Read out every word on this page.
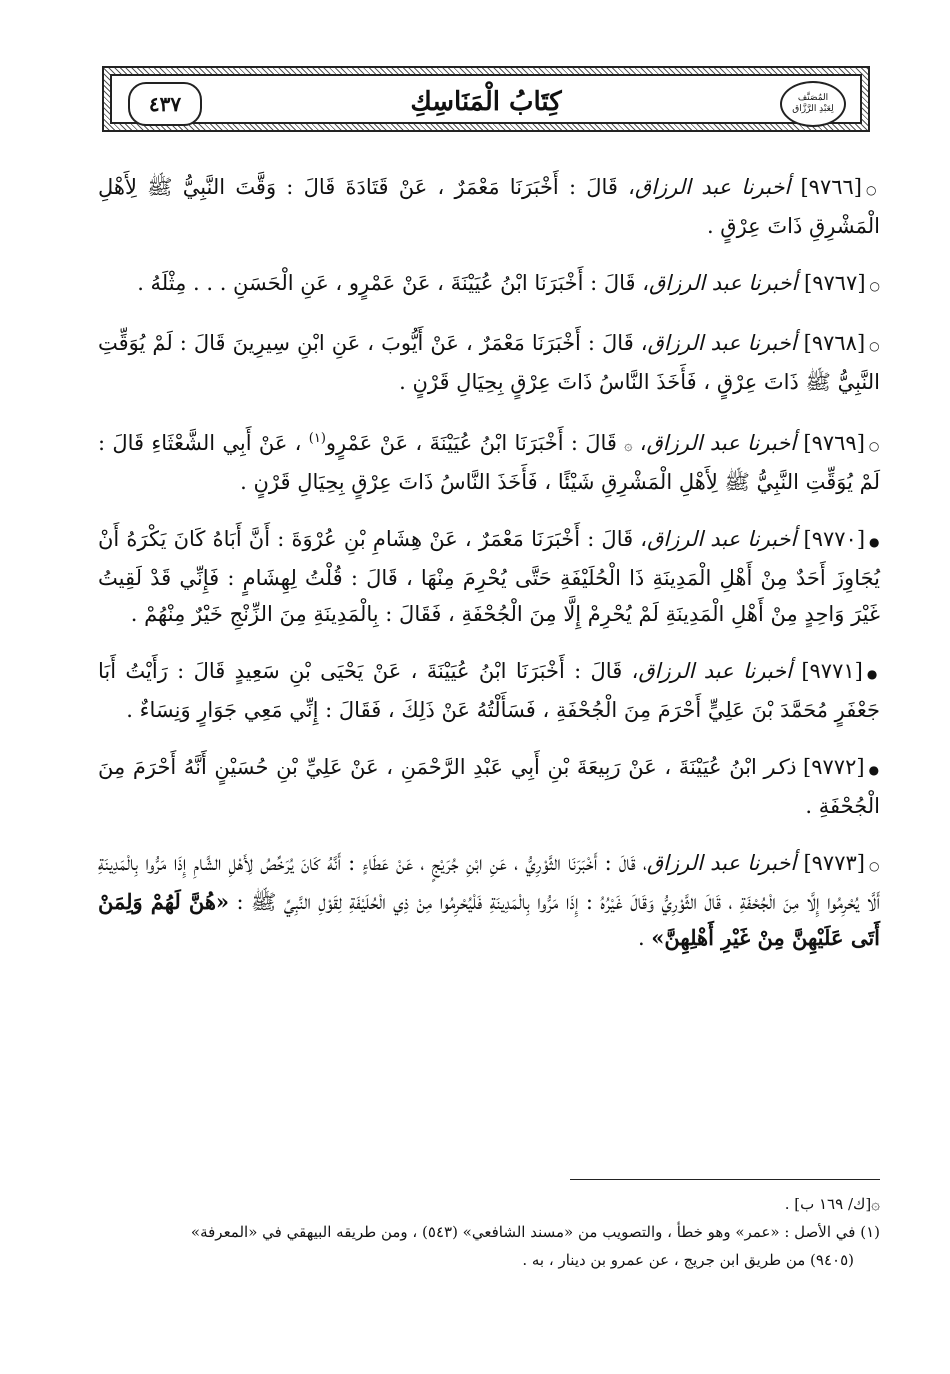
٤٣٧	كِتَابُ الْمَنَاسِكِ	المُصَنَّف
لِعَبْدِ الرَّزَّاق

○[٩٧٦٦] أخبرنا عبد الرزاق، قَالَ : أَخْبَرَنَا مَعْمَرٌ ، عَنْ قَتَادَةَ قَالَ : وَقَّتَ النَّبِيُّ ﷺ لِأَهْلِ الْمَشْرِقِ ذَاتَ عِرْقٍ .

○[٩٧٦٧] أخبرنا عبد الرزاق، قَالَ : أَخْبَرَنَا ابْنُ عُيَيْنَةَ ، عَنْ عَمْرٍو ، عَنِ الْحَسَنِ . . . مِثْلَهُ .

○[٩٧٦٨] أخبرنا عبد الرزاق، قَالَ : أَخْبَرَنَا مَعْمَرٌ ، عَنْ أَيُّوبَ ، عَنِ ابْنِ سِيرِينَ قَالَ : لَمْ يُوَقِّتِ النَّبِيُّ ﷺ ذَاتَ عِرْقٍ ، فَأَخَذَ النَّاسُ ذَاتَ عِرْقٍ بِحِيَالِ قَرْنٍ .

○[٩٧٦٩] أخبرنا عبد الرزاق، ۞ قَالَ : أَخْبَرَنَا ابْنُ عُيَيْنَةَ ، عَنْ عَمْرٍو$^{(١)}$ ، عَنْ أَبِي الشَّعْثَاءِ قَالَ : لَمْ يُوَقِّتِ النَّبِيُّ ﷺ لِأَهْلِ الْمَشْرِقِ شَيْئًا ، فَأَخَذَ النَّاسُ ذَاتَ عِرْقٍ بِحِيَالِ قَرْنٍ .

●[٩٧٧٠] أخبرنا عبد الرزاق، قَالَ : أَخْبَرَنَا مَعْمَرٌ ، عَنْ هِشَامِ بْنِ عُرْوَةَ : أَنَّ أَبَاهُ كَانَ يَكْرَهُ أَنْ يُجَاوِزَ أَحَدٌ مِنْ أَهْلِ الْمَدِينَةِ ذَا الْحُلَيْفَةِ حَتَّى يُحْرِمَ مِنْهَا ، قَالَ : قُلْتُ لِهِشَامٍ : فَإِنِّي قَدْ لَقِيتُ غَيْرَ وَاحِدٍ مِنْ أَهْلِ الْمَدِينَةِ لَمْ يُحْرِمْ إِلَّا مِنَ الْجُحْفَةِ ، فَقَالَ : بِالْمَدِينَةِ مِنَ الزِّنْجِ خَيْرٌ مِنْهُمْ .

●[٩٧٧١] أخبرنا عبد الرزاق، قَالَ : أَخْبَرَنَا ابْنُ عُيَيْنَةَ ، عَنْ يَحْيَى بْنِ سَعِيدٍ قَالَ : رَأَيْتُ أَبَا جَعْفَرٍ مُحَمَّدَ بْنَ عَلِيٍّ أَحْرَمَ مِنَ الْجُحْفَةِ ، فَسَأَلْتُهُ عَنْ ذَلِكَ ، فَقَالَ : إِنِّي مَعِي جَوَارٍ وَنِسَاءٌ .

●[٩٧٧٢] ذكر ابْنُ عُيَيْنَةَ ، عَنْ رَبِيعَةَ بْنِ أَبِي عَبْدِ الرَّحْمَنِ ، عَنْ عَلِيِّ بْنِ حُسَيْنٍ أَنَّهُ أَحْرَمَ مِنَ الْجُحْفَةِ .

○[٩٧٧٣] أخبرنا عبد الرزاق، قَالَ : أَخْبَرَنَا الثَّوْرِيُّ ، عَنِ ابْنِ جُرَيْجٍ ، عَنْ عَطَاءٍ : أَنَّهُ كَانَ يُرَخِّصُ لِأَهْلِ الشَّامِ إِذَا مَرُّوا بِالْمَدِينَةِ أَلَّا يُحْرِمُوا إِلَّا مِنَ الْجُحْفَةِ ، قَالَ الثَّوْرِيُّ وَقَالَ غَيْرُهُ : إِذَا مَرُّوا بِالْمَدِينَةِ فَلْيُحْرِمُوا مِنْ ذِي الْحُلَيْفَةِ لِقَوْلِ النَّبِيِّ ﷺ : «هُنَّ لَهُمْ وَلِمَنْ أَتَى عَلَيْهِنَّ مِنْ غَيْرِ أَهْلِهِنَّ» .

۞[ك/ ١٦٩ ب] .

(١) في الأصل : «عمر» وهو خطأ ، والتصويب من «مسند الشافعي» (٥٤٣) ، ومن طريقه البيهقي في «المعرفة»

(٩٤٠٥) من طريق ابن جريج ، عن عمرو بن دينار ، به .
